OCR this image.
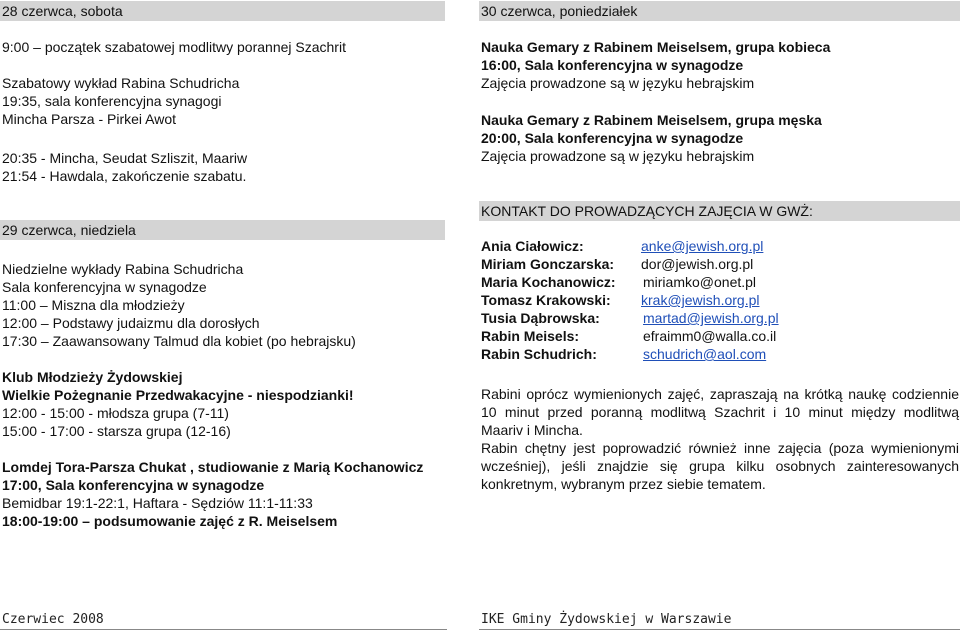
28 czerwca, sobota
9:00 – początek szabatowej modlitwy porannej Szachrit
Szabatowy wykład Rabina Schudricha
19:35, sala konferencyjna synagogi
Mincha Parsza - Pirkei Awot
20:35 - Mincha, Seudat Szliszit, Maariw
21:54 - Hawdala, zakończenie szabatu.
29 czerwca, niedziela
Niedzielne wykłady Rabina Schudricha
Sala konferencyjna w synagodze
11:00 – Miszna dla młodzieży
12:00 – Podstawy judaizmu dla dorosłych
17:30 – Zaawansowany Talmud dla kobiet (po hebrajsku)
Klub Młodzieży Żydowskiej
Wielkie Pożegnanie Przedwakacyjne - niespodzianki!
12:00 - 15:00 - młodsza grupa (7-11)
15:00 - 17:00 - starsza grupa (12-16)
Lomdej Tora-Parsza Chukat , studiowanie z Marią Kochanowicz
17:00, Sala konferencyjna w synagodze
Bemidbar 19:1-22:1, Haftara - Sędziów 11:1-11:33
18:00-19:00 – podsumowanie zajęć z R. Meiselsem
30 czerwca, poniedziałek
Nauka Gemary z Rabinem Meiselsem, grupa kobieca
16:00, Sala konferencyjna w synagodze
Zajęcia prowadzone są w języku hebrajskim
Nauka Gemary z Rabinem Meiselsem, grupa męska
20:00, Sala konferencyjna w synagodze
Zajęcia prowadzone są w języku hebrajskim
KONTAKT DO PROWADZĄCYCH ZAJĘCIA W GWŻ:
Ania Ciałowicz:
Miriam Gonczarska:
Maria Kochanowicz:
Tomasz Krakowski:
Tusia Dąbrowska:
Rabin Meisels:
Rabin Schudrich:
anke@jewish.org.pl
dor@jewish.org.pl
miriamko@onet.pl
krak@jewish.org.pl
martad@jewish.org.pl
efraimm0@walla.co.il
schudrich@aol.com
Rabini oprócz wymienionych zajęć, zapraszają na krótką naukę codziennie 10 minut przed poranną modlitwą Szachrit i 10 minut między modlitwą Maariv i Mincha.
Rabin chętny jest poprowadzić również inne zajęcia (poza wymienionymi wcześniej), jeśli znajdzie się grupa kilku osobnych zainteresowanych konkretnym, wybranym przez siebie tematem.
Czerwiec 2008	IKE Gminy Żydowskiej w Warszawie
